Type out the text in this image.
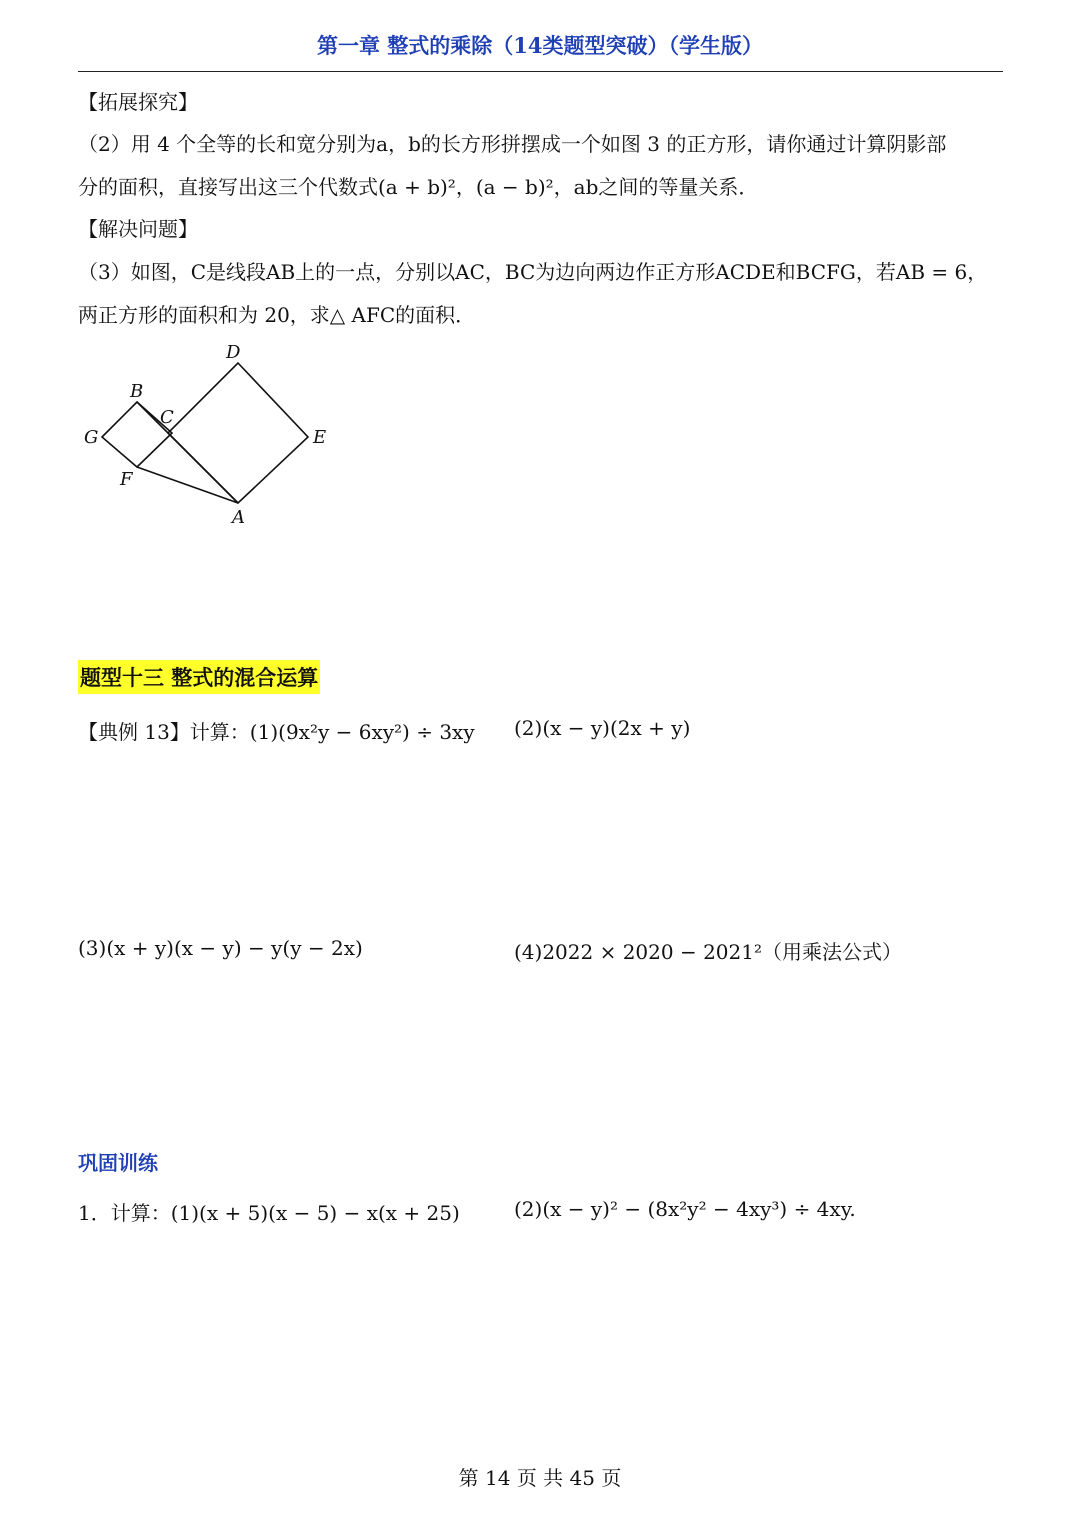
第一章 整式的乘除（14类题型突破）（学生版）
【拓展探究】
（2）用 4 个全等的长和宽分别为a，b的长方形拼摆成一个如图 3 的正方形，请你通过计算阴影部
分的面积，直接写出这三个代数式(a + b)²，(a − b)²，ab之间的等量关系．
【解决问题】
（3）如图，C是线段AB上的一点，分别以AC，BC为边向两边作正方形ACDE和BCFG，若AB = 6，
两正方形的面积和为 20，求△ AFC的面积．
D
B
C
G	E
F
A
题型十三 整式的混合运算
【典例 13】计算：(1)(9x²y − 6xy²) ÷ 3xy (2)(x − y)(2x + y)
(3)(x + y)(x − y) − y(y − 2x)	(4)2022 × 2020 − 2021²（用乘法公式）
巩固训练
1．计算：(1)(x + 5)(x − 5) − x(x + 25)	(2)(x − y)² − (8x²y² − 4xy³) ÷ 4xy.
第 14 页 共 45 页
